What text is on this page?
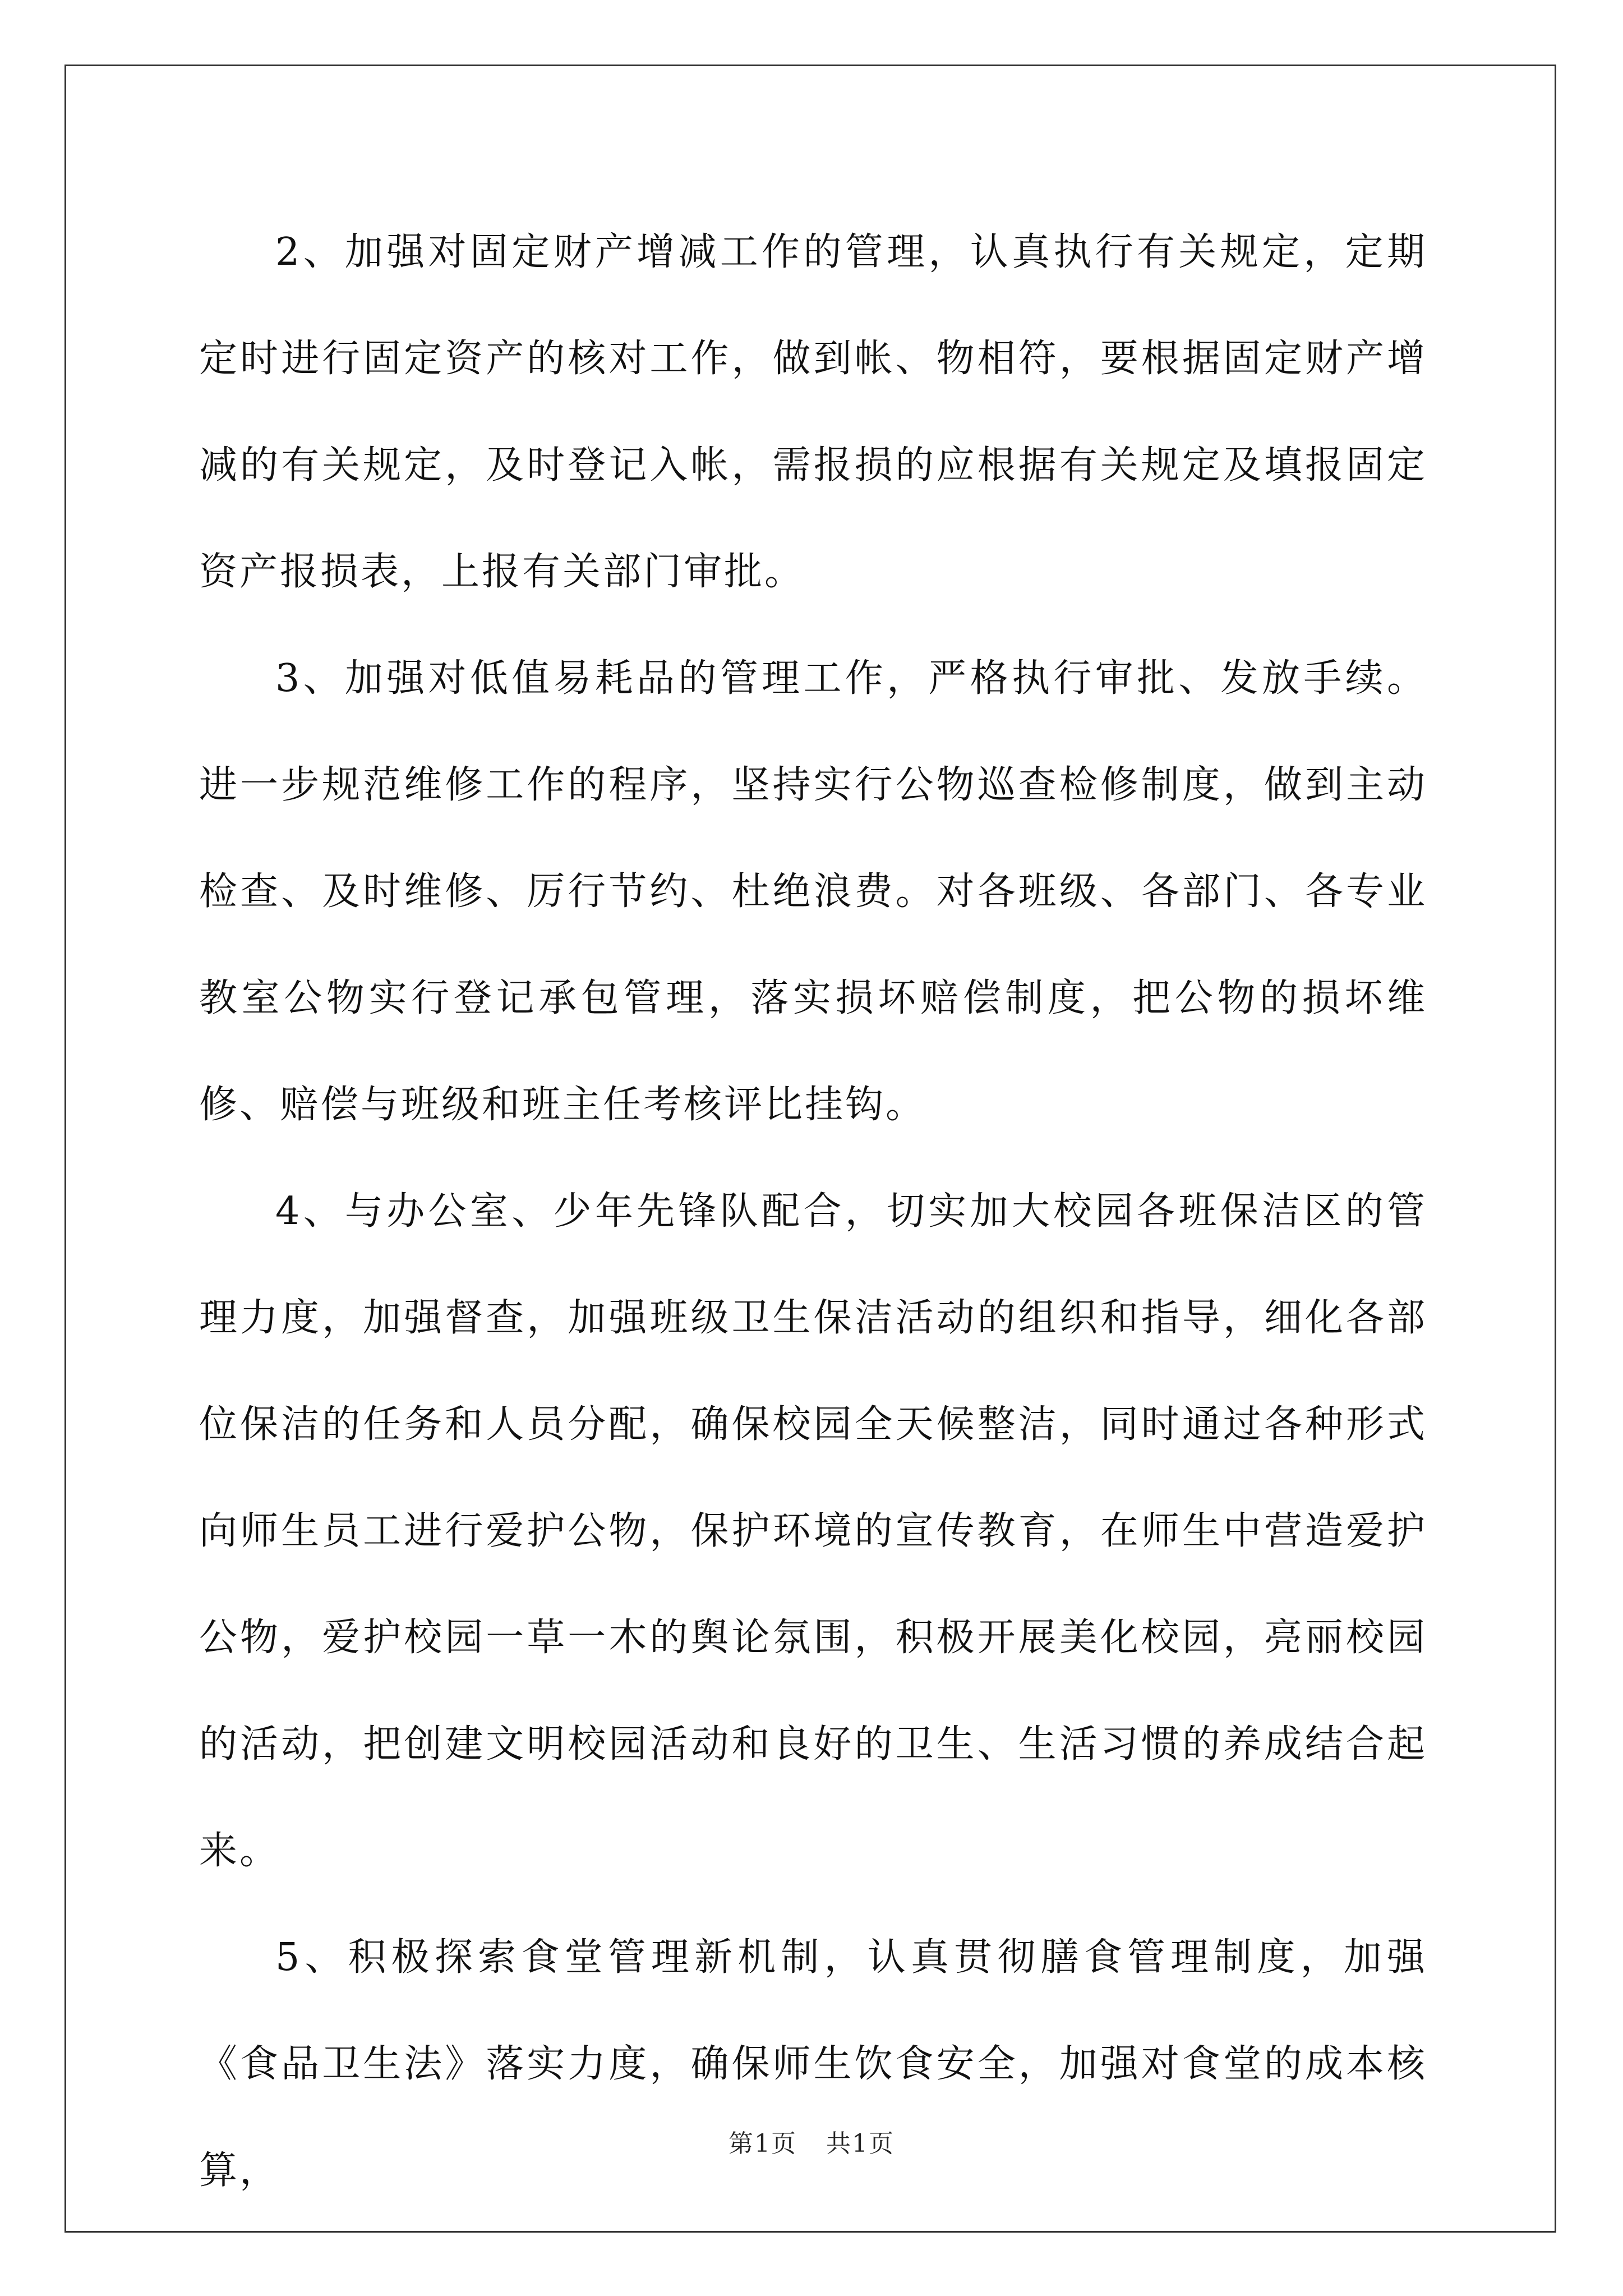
2、加强对固定财产增减工作的管理，认真执行有关规定，定期定时进行固定资产的核对工作，做到帐、物相符，要根据固定财产增减的有关规定，及时登记入帐，需报损的应根据有关规定及填报固定资产报损表，上报有关部门审批。

3、加强对低值易耗品的管理工作，严格执行审批、发放手续。进一步规范维修工作的程序，坚持实行公物巡查检修制度，做到主动检查、及时维修、厉行节约、杜绝浪费。对各班级、各部门、各专业教室公物实行登记承包管理，落实损坏赔偿制度，把公物的损坏维修、赔偿与班级和班主任考核评比挂钩。

4、与办公室、少年先锋队配合，切实加大校园各班保洁区的管理力度，加强督查，加强班级卫生保洁活动的组织和指导，细化各部位保洁的任务和人员分配，确保校园全天候整洁，同时通过各种形式向师生员工进行爱护公物，保护环境的宣传教育，在师生中营造爱护公物，爱护校园一草一木的舆论氛围，积极开展美化校园，亮丽校园的活动，把创建文明校园活动和良好的卫生、生活习惯的养成结合起来。

5、积极探索食堂管理新机制，认真贯彻膳食管理制度，加强《食品卫生法》落实力度，确保师生饮食安全，加强对食堂的成本核算，

第1页 共1页
